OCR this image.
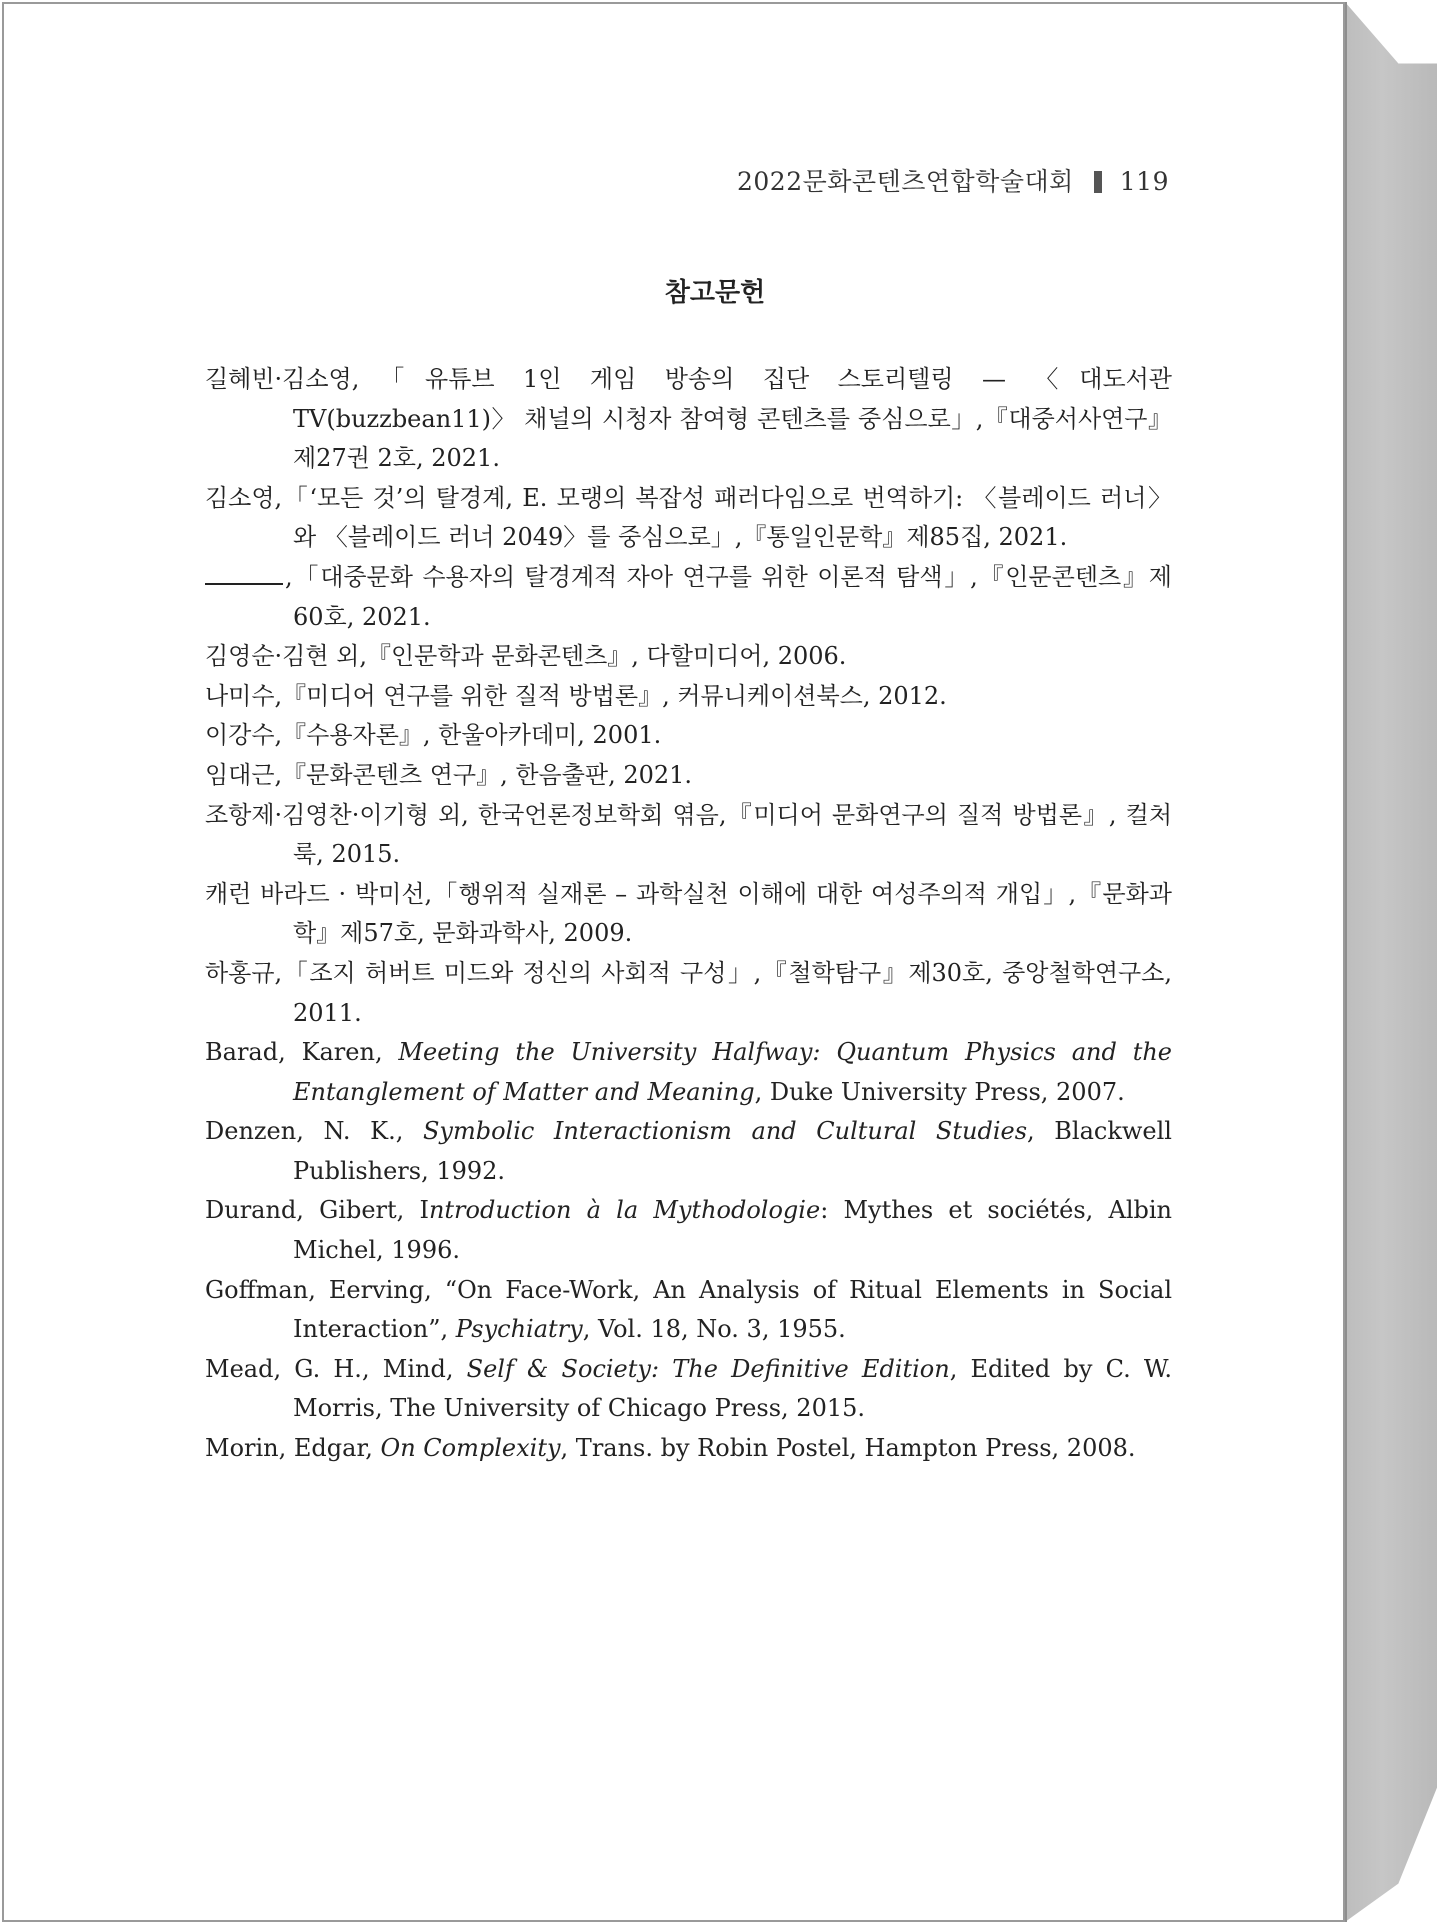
2022문화콘텐츠연합학술대회 119
참고문헌
길혜빈·김소영,「유튜브 1인 게임 방송의 집단 스토리텔링 — 〈대도서관 TV(buzzbean11)〉 채널의 시청자 참여형 콘텐츠를 중심으로」,『대중서사연구』제27권 2호, 2021.
김소영,「‘모든 것’의 탈경계, E. 모랭의 복잡성 패러다임으로 번역하기: 〈블레이드 러너〉와 〈블레이드 러너 2049〉를 중심으로」,『통일인문학』제85집, 2021.
,「대중문화 수용자의 탈경계적 자아 연구를 위한 이론적 탐색」,『인문콘텐츠』제60호, 2021.
김영순·김현 외,『인문학과 문화콘텐츠』, 다할미디어, 2006.
나미수,『미디어 연구를 위한 질적 방법론』, 커뮤니케이션북스, 2012.
이강수,『수용자론』, 한울아카데미, 2001.
임대근,『문화콘텐츠 연구』, 한음출판, 2021.
조항제·김영찬·이기형 외, 한국언론정보학회 엮음,『미디어 문화연구의 질적 방법론』, 컬처룩, 2015.
캐런 바라드 · 박미선,「행위적 실재론 – 과학실천 이해에 대한 여성주의적 개입」,『문화과학』제57호, 문화과학사, 2009.
하홍규,「조지 허버트 미드와 정신의 사회적 구성」,『철학탐구』제30호, 중앙철학연구소, 2011.
Barad, Karen, Meeting the University Halfway: Quantum Physics and the Entanglement of Matter and Meaning, Duke University Press, 2007.
Denzen, N. K., Symbolic Interactionism and Cultural Studies, Blackwell Publishers, 1992.
Durand, Gibert, Introduction à la Mythodologie: Mythes et sociétés, Albin Michel, 1996.
Goffman, Eerving, “On Face-Work, An Analysis of Ritual Elements in Social Interaction”, Psychiatry, Vol. 18, No. 3, 1955.
Mead, G. H., Mind, Self & Society: The Definitive Edition, Edited by C. W. Morris, The University of Chicago Press, 2015.
Morin, Edgar, On Complexity, Trans. by Robin Postel, Hampton Press, 2008.
